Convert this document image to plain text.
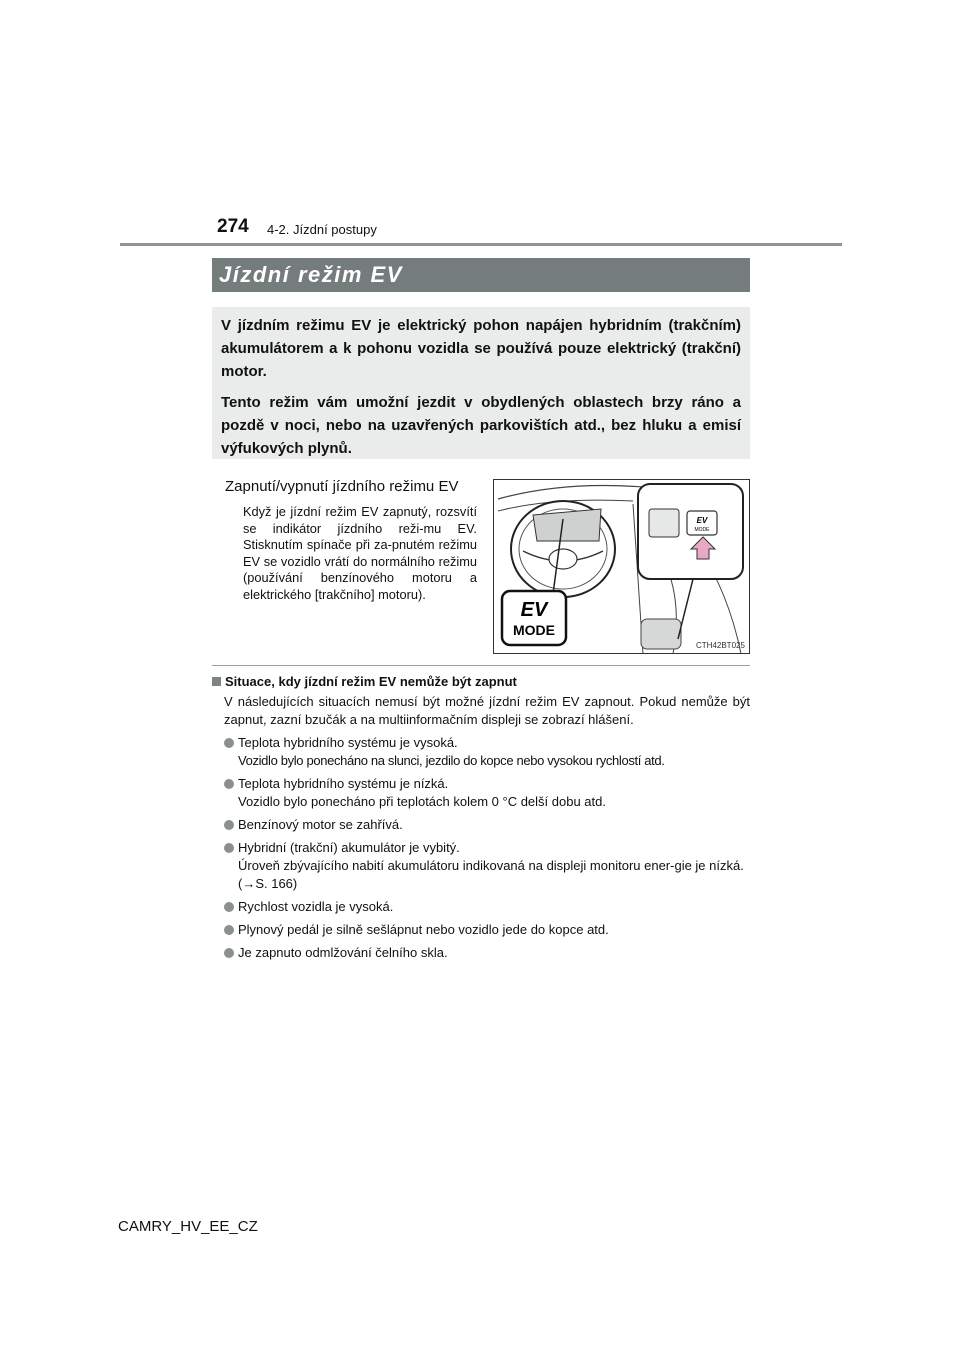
274 4-2. Jízdní postupy
Jízdní režim EV

V jízdním režimu EV je elektrický pohon napájen hybridním (trakčním) akumulátorem a k pohonu vozidla se používá pouze elektrický (trakční) motor.

Tento režim vám umožní jezdit v obydlených oblastech brzy ráno a pozdě v noci, nebo na uzavřených parkovištích atd., bez hluku a emisí výfukových plynů.

Zapnutí/vypnutí jízdního režimu EV
Když je jízdní režim EV zapnutý, rozsvítí se indikátor jízdního reži-mu EV. Stisknutím spínače při za-pnutém režimu EV se vozidlo vrátí do normálního režimu (používání benzínového motoru a elektrického [trakčního] motoru).
EV
MODE
EV
MODE
CTH42BT025
Situace, kdy jízdní režim EV nemůže být zapnut
V následujících situacích nemusí být možné jízdní režim EV zapnout. Pokud nemůže být zapnut, zazní bzučák a na multiinformačním displeji se zobrazí hlášení.
Teplota hybridního systému je vysoká.
Vozidlo bylo ponecháno na slunci, jezdilo do kopce nebo vysokou rychlostí atd.
Teplota hybridního systému je nízká.
Vozidlo bylo ponecháno při teplotách kolem 0 °C delší dobu atd.
Benzínový motor se zahřívá.
Hybridní (trakční) akumulátor je vybitý.
Úroveň zbývajícího nabití akumulátoru indikovaná na displeji monitoru ener-gie je nízká. (→S. 166)
Rychlost vozidla je vysoká.
Plynový pedál je silně sešlápnut nebo vozidlo jede do kopce atd.
Je zapnuto odmlžování čelního skla.
CAMRY_HV_EE_CZ
